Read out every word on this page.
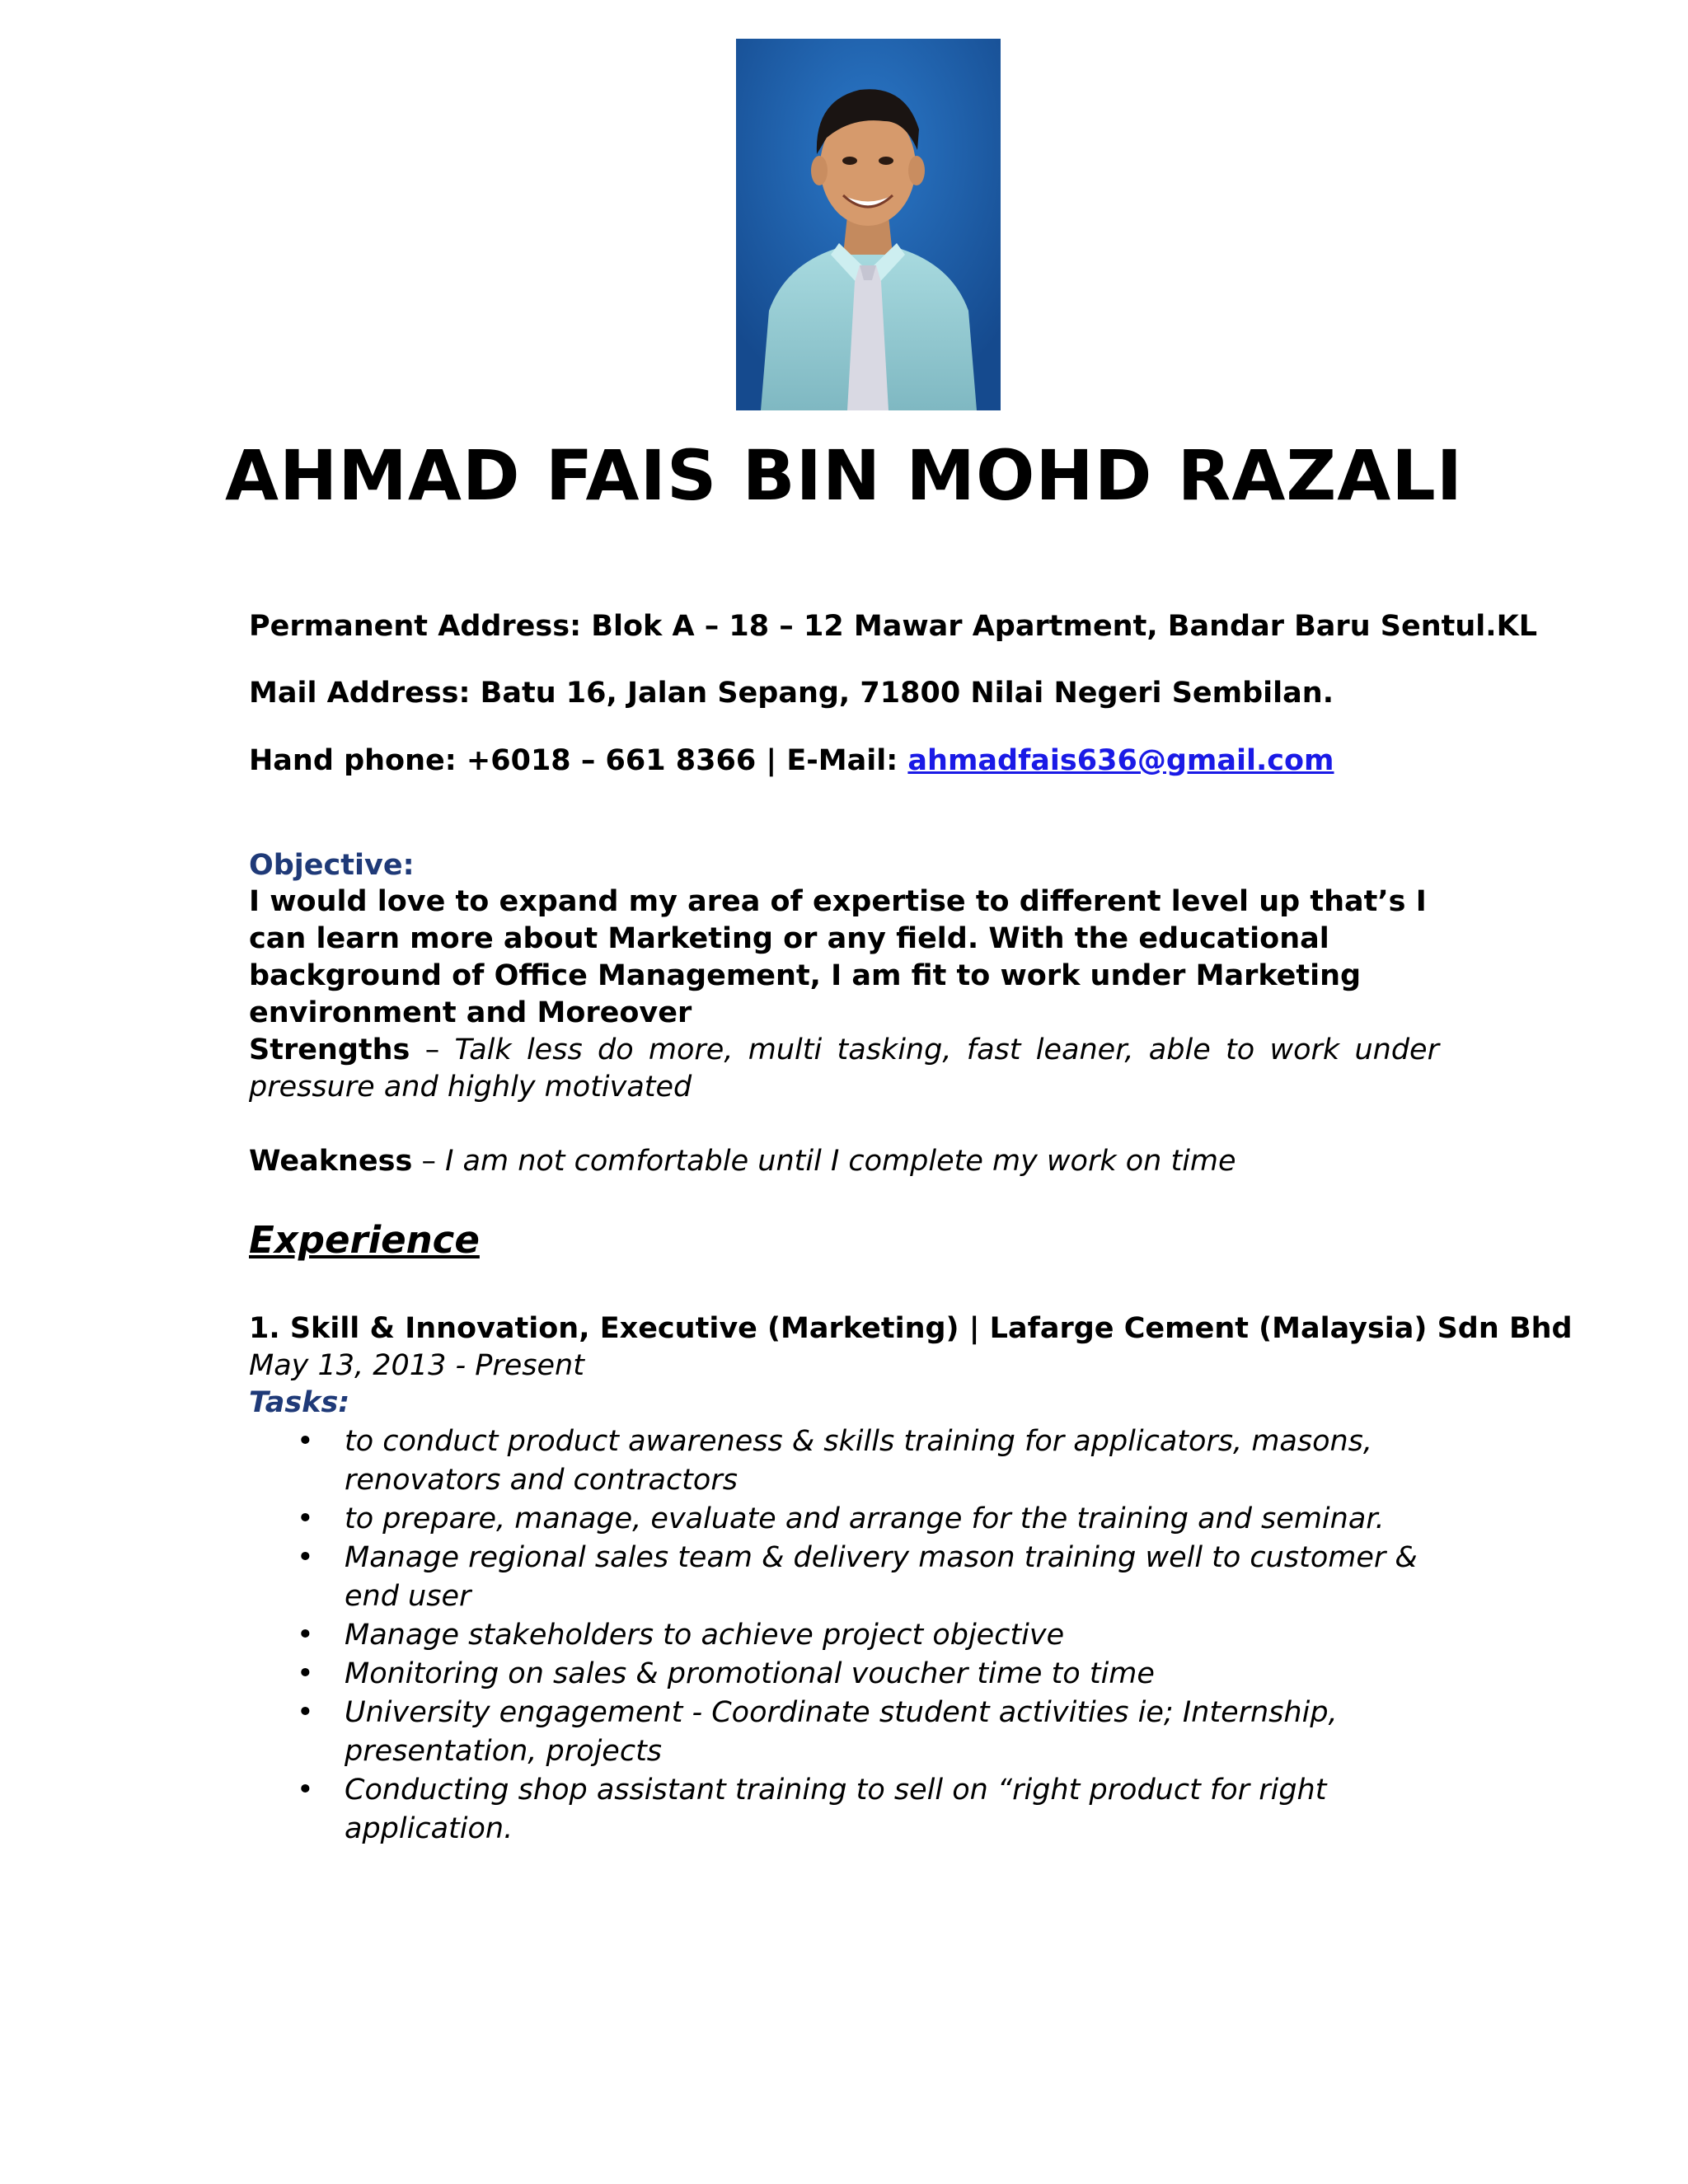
AHMAD FAIS BIN MOHD RAZALI
Permanent Address: Blok A – 18 – 12 Mawar Apartment, Bandar Baru Sentul.KL
Mail Address: Batu 16, Jalan Sepang, 71800 Nilai Negeri Sembilan.
Hand phone: +6018 – 661 8366 | E-Mail: ahmadfais636@gmail.com
Objective:
I would love to expand my area of expertise to different level up that’s I can learn more about Marketing or any field. With the educational background of Office Management, I am fit to work under Marketing environment and Moreover
Strengths – Talk less do more, multi tasking, fast leaner, able to work under pressure and highly motivated
Weakness – I am not comfortable until I complete my work on time
Experience
1. Skill & Innovation, Executive (Marketing) | Lafarge Cement (Malaysia) Sdn Bhd
May 13, 2013 - Present
Tasks:
• to conduct product awareness & skills training for applicators, masons, renovators and contractors
• to prepare, manage, evaluate and arrange for the training and seminar.
• Manage regional sales team & delivery mason training well to customer & end user
• Manage stakeholders to achieve project objective
• Monitoring on sales & promotional voucher time to time
• University engagement - Coordinate student activities ie; Internship, presentation, projects
• Conducting shop assistant training to sell on “right product for right application.
